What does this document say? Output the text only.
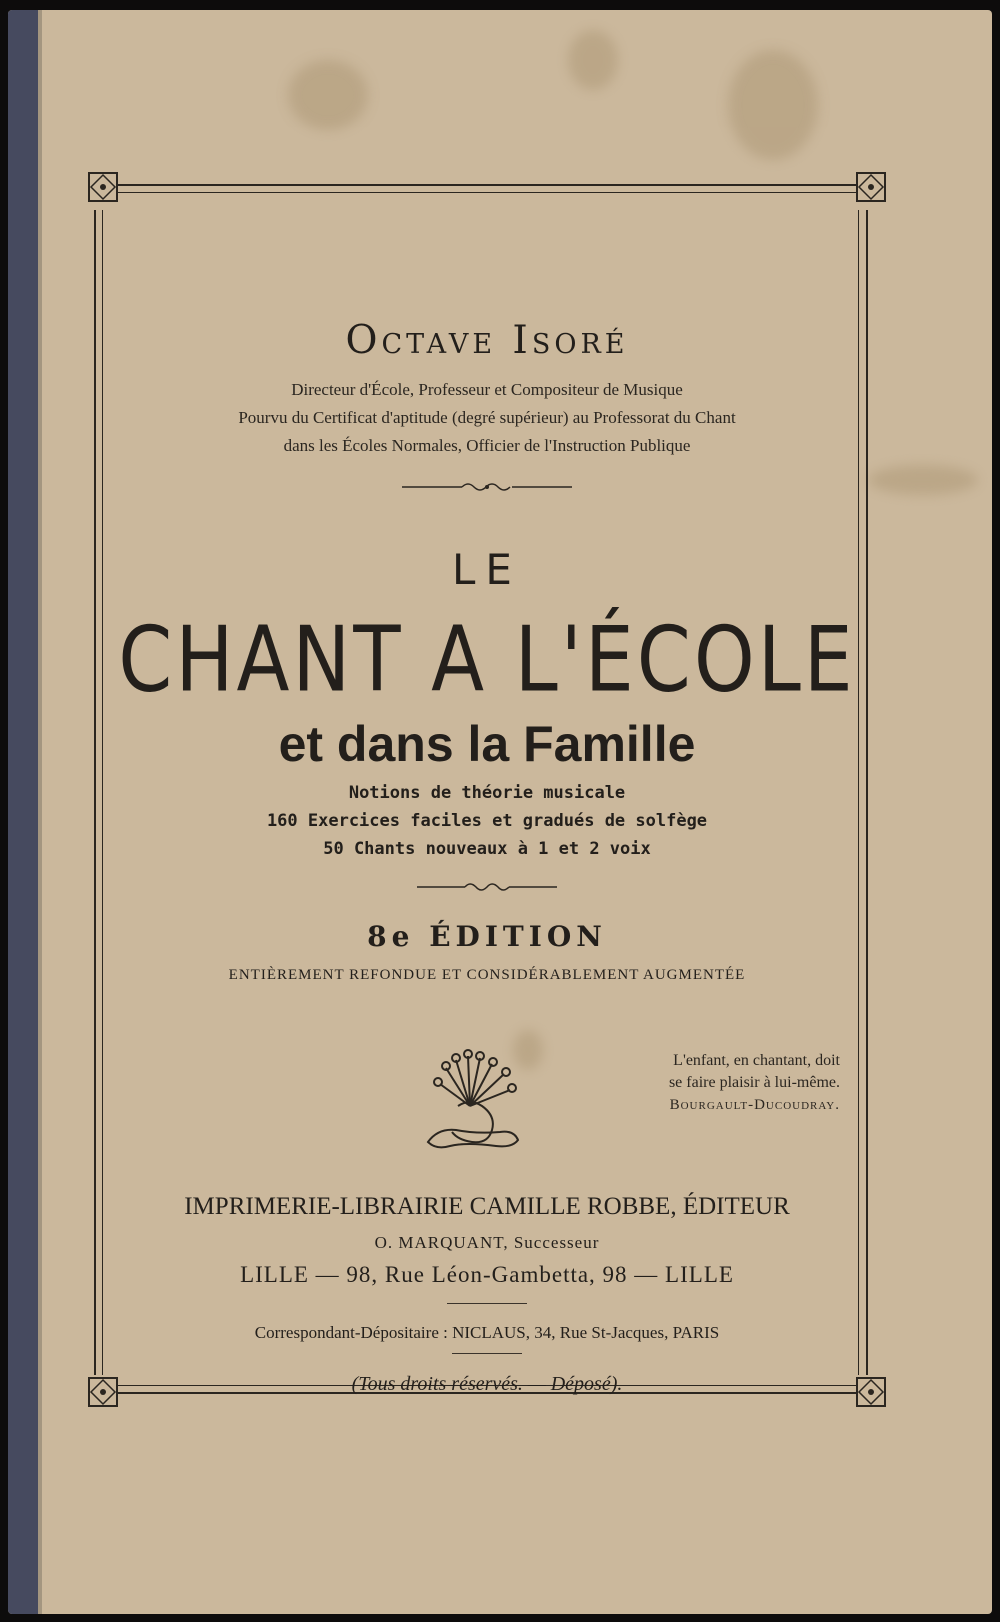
Octave Isoré
Directeur d'École, Professeur et Compositeur de Musique
Pourvu du Certificat d'aptitude (degré supérieur) au Professorat du Chant
dans les Écoles Normales, Officier de l'Instruction Publique
LE
CHANT A L'ÉCOLE
et dans la Famille
Notions de théorie musicale
160 Exercices faciles et gradués de solfège
50 Chants nouveaux à 1 et 2 voix
8e ÉDITION
ENTIÈREMENT REFONDUE ET CONSIDÉRABLEMENT AUGMENTÉE
L'enfant, en chantant, doit
se faire plaisir à lui-même.
Bourgault-Ducoudray.
IMPRIMERIE-LIBRAIRIE CAMILLE ROBBE, ÉDITEUR
O. MARQUANT, Successeur
LILLE — 98, Rue Léon-Gambetta, 98 — LILLE
Correspondant-Dépositaire : NICLAUS, 34, Rue St-Jacques, PARIS
(Tous droits réservés. — Déposé).
